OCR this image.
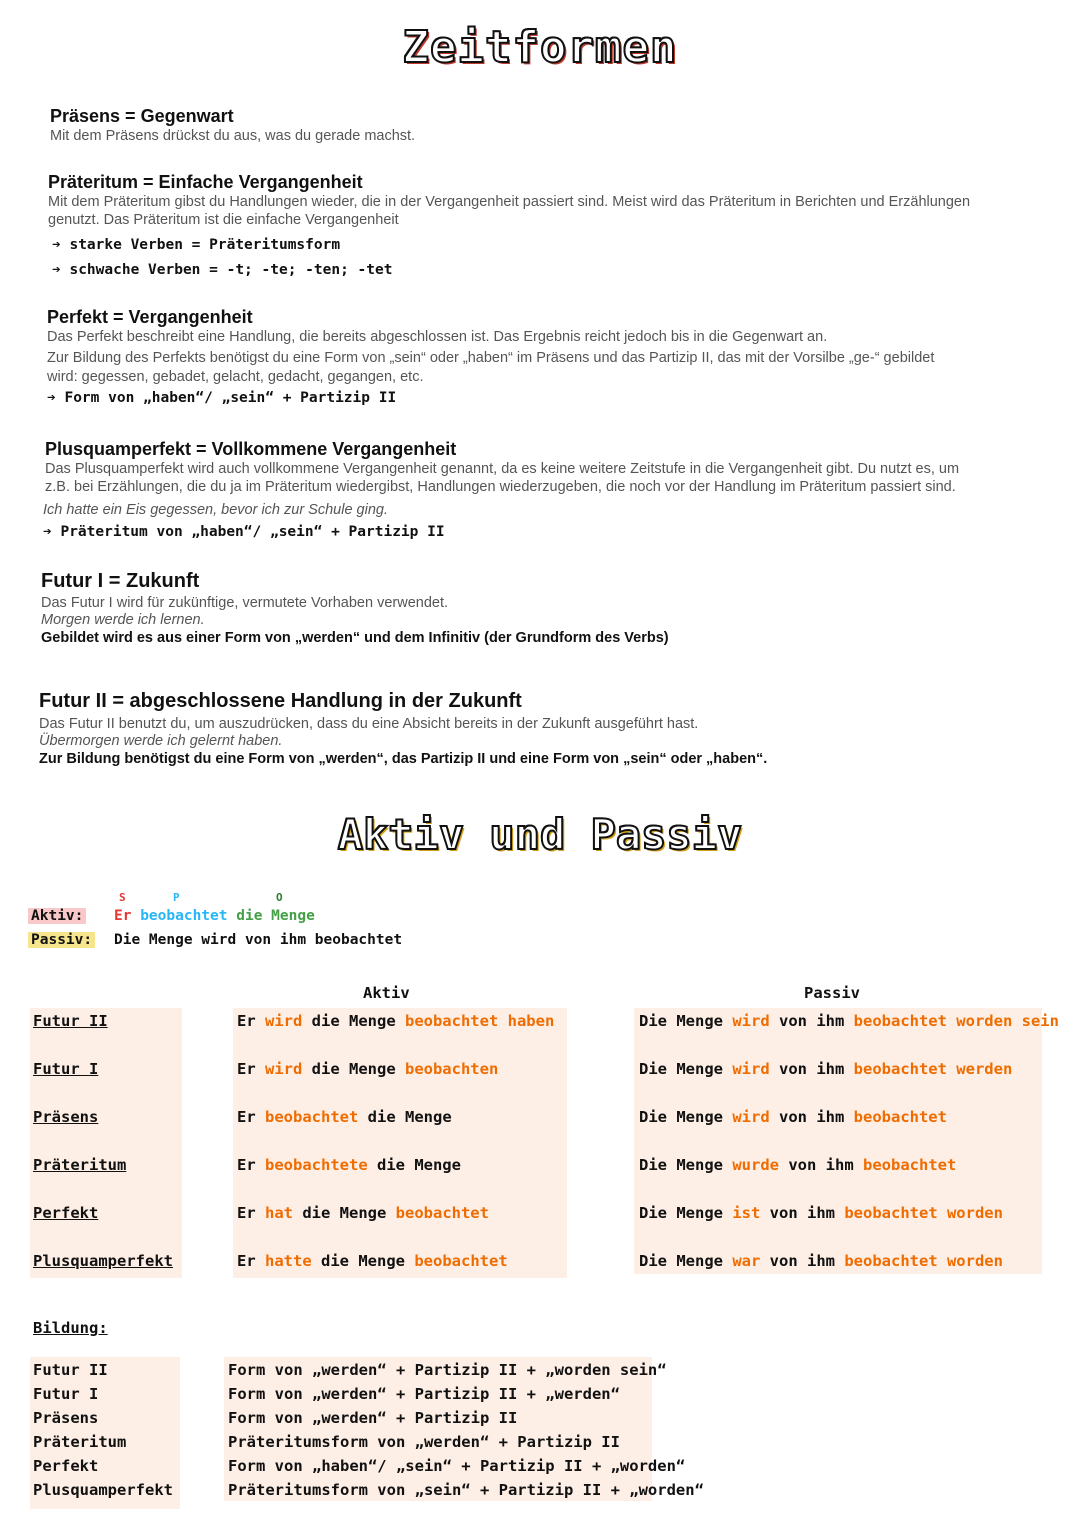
Zeitformen
Präsens = Gegenwart
Mit dem Präsens drückst du aus, was du gerade machst.
Präteritum = Einfache Vergangenheit
Mit dem Präteritum gibst du Handlungen wieder, die in der Vergangenheit passiert sind. Meist wird das Präteritum in Berichten und Erzählungen
genutzt. Das Präteritum ist die einfache Vergangenheit
➔ starke Verben = Präteritumsform
➔ schwache Verben = -t; -te; -ten; -tet
Perfekt = Vergangenheit
Das Perfekt beschreibt eine Handlung, die bereits abgeschlossen ist. Das Ergebnis reicht jedoch bis in die Gegenwart an.
Zur Bildung des Perfekts benötigst du eine Form von „sein“ oder „haben“ im Präsens und das Partizip II, das mit der Vorsilbe „ge-“ gebildet
wird: gegessen, gebadet, gelacht, gedacht, gegangen, etc.
➔ Form von „haben“/ „sein“ + Partizip II
Plusquamperfekt = Vollkommene Vergangenheit
Das Plusquamperfekt wird auch vollkommene Vergangenheit genannt, da es keine weitere Zeitstufe in die Vergangenheit gibt. Du nutzt es, um
z.B. bei Erzählungen, die du ja im Präteritum wiedergibst, Handlungen wiederzugeben, die noch vor der Handlung im Präteritum passiert sind.
Ich hatte ein Eis gegessen, bevor ich zur Schule ging.
➔ Präteritum von „haben“/ „sein“ + Partizip II
Futur I = Zukunft
Das Futur I wird für zukünftige, vermutete Vorhaben verwendet.
Morgen werde ich lernen.
Gebildet wird es aus einer Form von „werden“ und dem Infinitiv (der Grundform des Verbs)
Futur II = abgeschlossene Handlung in der Zukunft
Das Futur II benutzt du, um auszudrücken, dass du eine Absicht bereits in der Zukunft ausgeführt hast.
Übermorgen werde ich gelernt haben.
Zur Bildung benötigst du eine Form von „werden“, das Partizip II und eine Form von „sein“ oder „haben“.
Aktiv und Passiv
S	P	O
Aktiv: Er beobachtet die Menge
Passiv: Die Menge wird von ihm beobachtet
Aktiv	Passiv
Futur II	Er wird die Menge beobachtet haben	Die Menge wird von ihm beobachtet worden sein
Futur I	Er wird die Menge beobachten	Die Menge wird von ihm beobachtet werden
Präsens	Er beobachtet die Menge	Die Menge wird von ihm beobachtet
Präteritum	Er beobachtete die Menge	Die Menge wurde von ihm beobachtet
Perfekt	Er hat die Menge beobachtet	Die Menge ist von ihm beobachtet worden
Plusquamperfekt	Er hatte die Menge beobachtet	Die Menge war von ihm beobachtet worden
Bildung:
Futur II	Form von „werden“ + Partizip II + „worden sein“
Futur I	Form von „werden“ + Partizip II + „werden“
Präsens	Form von „werden“ + Partizip II
Präteritum	Präteritumsform von „werden“ + Partizip II
Perfekt	Form von „haben“/ „sein“ + Partizip II + „worden“
Plusquamperfekt	Präteritumsform von „sein“ + Partizip II + „worden“
